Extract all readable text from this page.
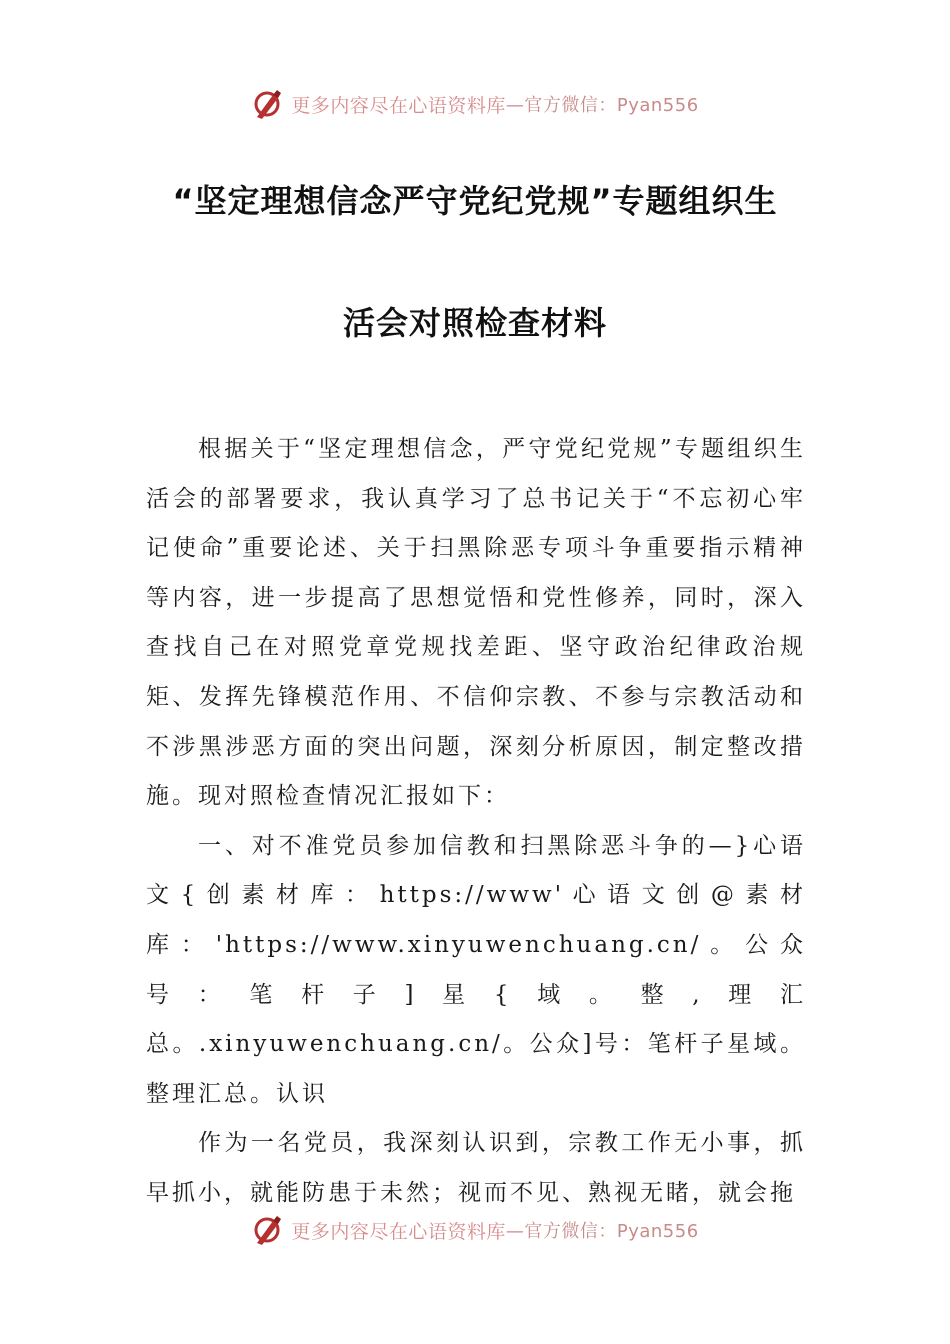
更多内容尽在心语资料库 —官方微信：Pyan556
“坚定理想信念严守党纪党规”专题组织生
活会对照检查材料

根据关于“坚定理想信念，严守党纪党规”专题组织生活会的部署要求，我认真学习了总书记关于“不忘初心牢记使命”重要论述、关于扫黑除恶专项斗争重要指示精神等内容，进一步提高了思想觉悟和党性修养，同时，深入查找自己在对照党章党规找差距、坚守政治纪律政治规矩、发挥先锋模范作用、不信仰宗教、不参与宗教活动和不涉黑涉恶方面的突出问题，深刻分析原因，制定整改措施。现对照检查情况汇报如下：

一、对不准党员参加信教和扫黑除恶斗争的—}心语文{创素材库：https://www'心语文创@素材库：'https://www.xinyuwenchuang.cn/。公众号：笔杆子]星{域。整,理汇总。.xinyuwenchuang.cn/。公众]号：笔杆子星域。整理汇总。认识

作为一名党员，我深刻认识到，宗教工作无小事，抓早抓小，就能防患于未然；视而不见、熟视无睹，就会拖

更多内容尽在心语资料库 —官方微信：Pyan556
